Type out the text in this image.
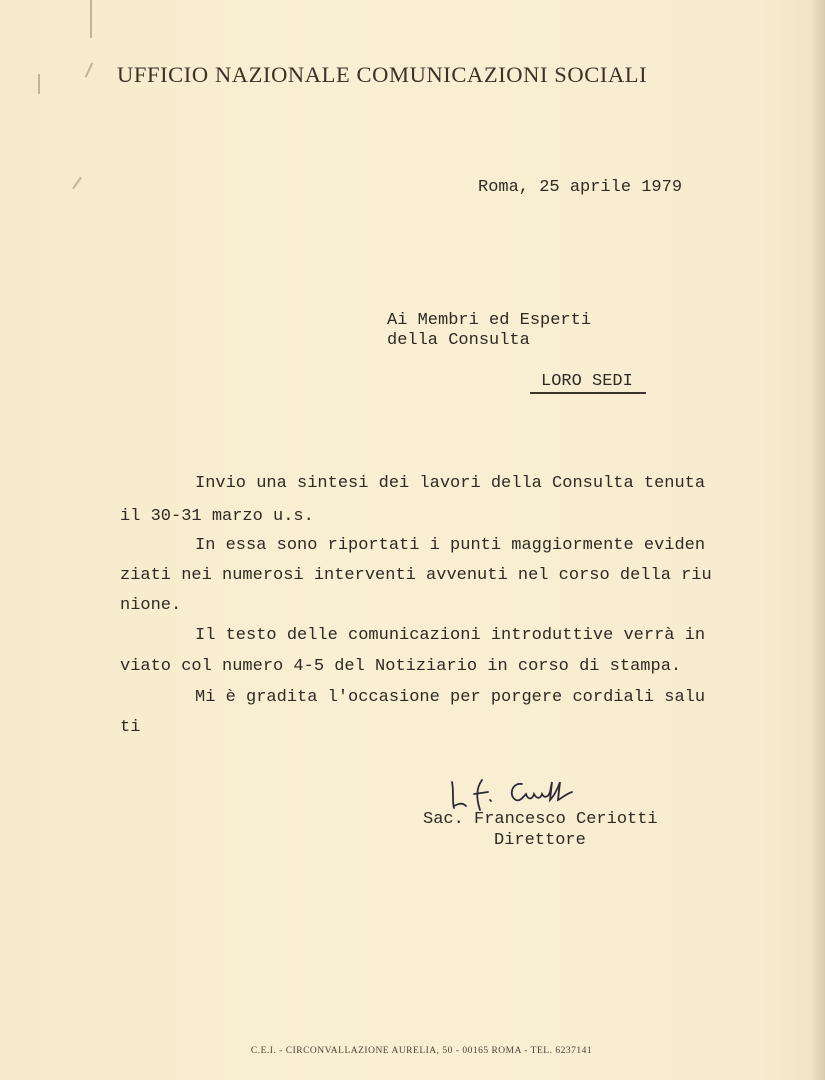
UFFICIO NAZIONALE COMUNICAZIONI SOCIALI
Roma, 25 aprile 1979
Ai Membri ed Esperti
della Consulta
LORO SEDI
Invio una sintesi dei lavori della Consulta tenuta
il 30-31 marzo u.s.
In essa sono riportati i punti maggiormente eviden
ziati nei numerosi interventi avvenuti nel corso della riu
nione.
Il testo delle comunicazioni introduttive verrà in
viato col numero 4-5 del Notiziario in corso di stampa.
Mi è gradita l'occasione per porgere cordiali salu
ti
Sac. Francesco Ceriotti
Direttore
C.E.I. - CIRCONVALLAZIONE AURELIA, 50 - 00165 ROMA - TEL. 6237141
